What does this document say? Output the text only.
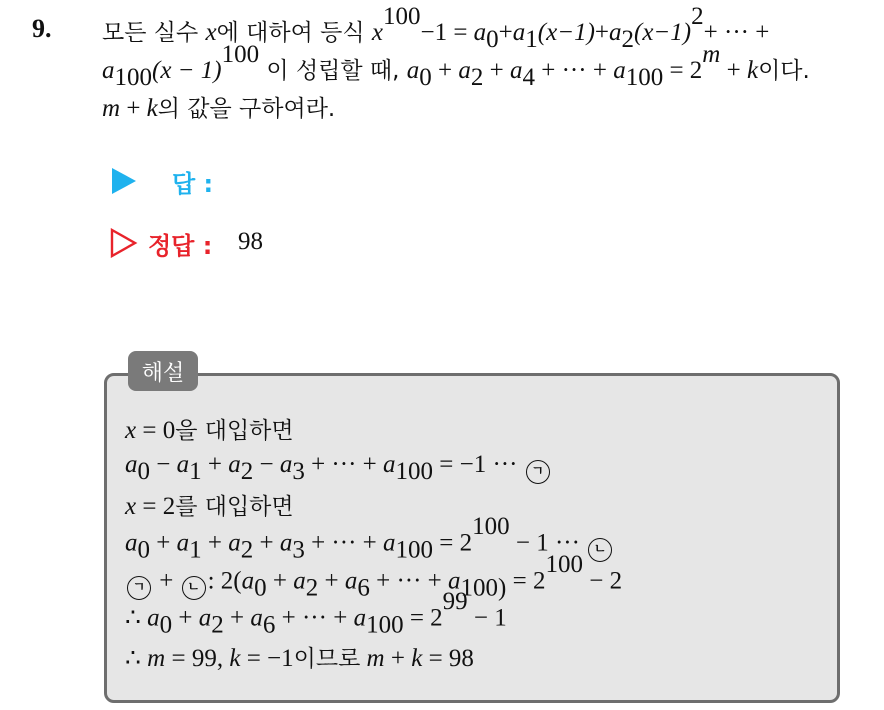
9. 모든 실수 x에 대하여 등식 $x^{100}-1 = a_0+a_1(x-1)+a_2(x-1)^2+$ ··· +
$a_{100}(x - 1)^{100}$ 이 성립할 때, $a_0 + a_2 + a_4$ + ··· + $a_{100} = 2^m + k$이다.
m + k의 값을 구하여라.
답 :
정답 : 98
해설
x = 0을 대입하면
$a_0 - a_1 + a_2 - a_3$ + ··· + $a_{100} = -1$ ··· ㄱ
x = 2를 대입하면
$a_0 + a_1 + a_2 + a_3$ + ··· + $a_{100} = 2^{100} - 1$ ··· ㄴ
ㄱ + ㄴ : $2(a_0 + a_2 + a_6$ + ··· + $a_{100)} = 2^{100} - 2$
∴ $a_0 + a_2 + a_6$ + ··· + $a_{100} = 2^{99} - 1$
∴ m = 99, k = −1이므로 m + k = 98
